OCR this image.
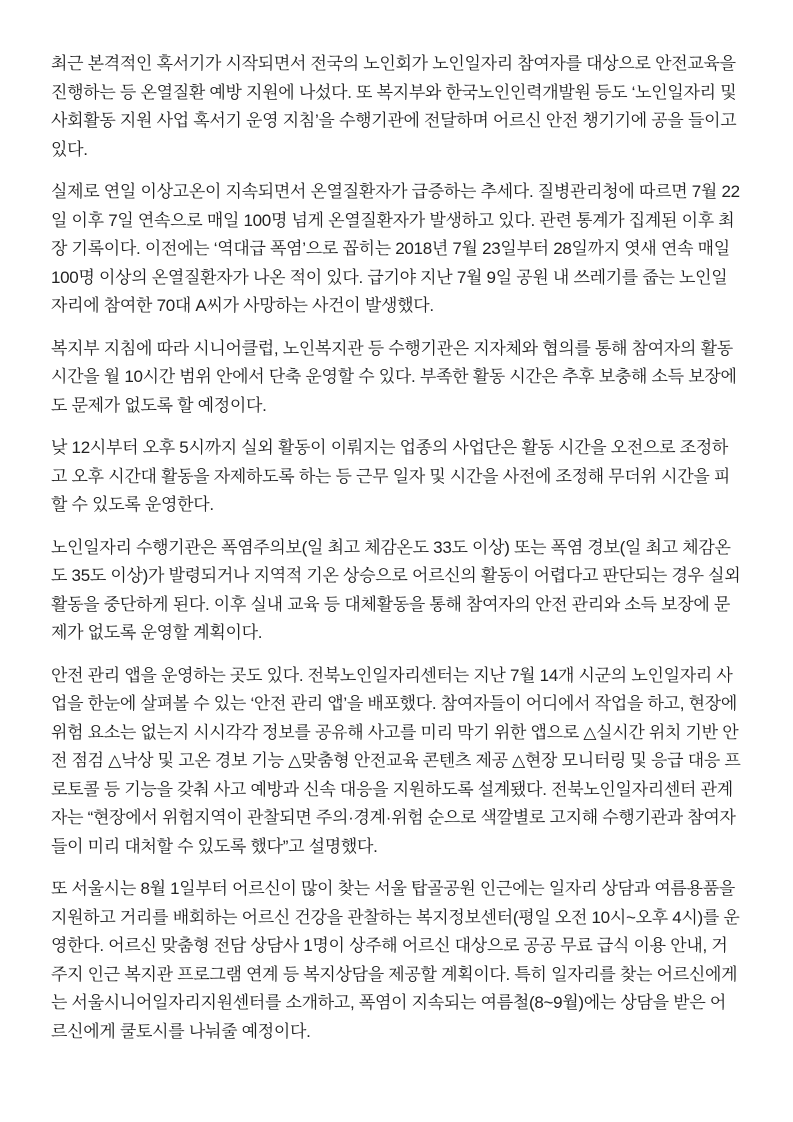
최근 본격적인 혹서기가 시작되면서 전국의 노인회가 노인일자리 참여자를 대상으로 안전교육을 진행하는 등 온열질환 예방 지원에 나섰다. 또 복지부와 한국노인인력개발원 등도 ‘노인일자리 및 사회활동 지원 사업 혹서기 운영 지침’을 수행기관에 전달하며 어르신 안전 챙기기에 공을 들이고 있다.

실제로 연일 이상고온이 지속되면서 온열질환자가 급증하는 추세다. 질병관리청에 따르면 7월 22일 이후 7일 연속으로 매일 100명 넘게 온열질환자가 발생하고 있다. 관련 통계가 집계된 이후 최장 기록이다. 이전에는 ‘역대급 폭염’으로 꼽히는 2018년 7월 23일부터 28일까지 엿새 연속 매일 100명 이상의 온열질환자가 나온 적이 있다. 급기야 지난 7월 9일 공원 내 쓰레기를 줍는 노인일자리에 참여한 70대 A씨가 사망하는 사건이 발생했다.

복지부 지침에 따라 시니어클럽, 노인복지관 등 수행기관은 지자체와 협의를 통해 참여자의 활동 시간을 월 10시간 범위 안에서 단축 운영할 수 있다. 부족한 활동 시간은 추후 보충해 소득 보장에도 문제가 없도록 할 예정이다.

낮 12시부터 오후 5시까지 실외 활동이 이뤄지는 업종의 사업단은 활동 시간을 오전으로 조정하고 오후 시간대 활동을 자제하도록 하는 등 근무 일자 및 시간을 사전에 조정해 무더위 시간을 피할 수 있도록 운영한다.

노인일자리 수행기관은 폭염주의보(일 최고 체감온도 33도 이상) 또는 폭염 경보(일 최고 체감온도 35도 이상)가 발령되거나 지역적 기온 상승으로 어르신의 활동이 어렵다고 판단되는 경우 실외활동을 중단하게 된다. 이후 실내 교육 등 대체활동을 통해 참여자의 안전 관리와 소득 보장에 문제가 없도록 운영할 계획이다.

안전 관리 앱을 운영하는 곳도 있다. 전북노인일자리센터는 지난 7월 14개 시군의 노인일자리 사업을 한눈에 살펴볼 수 있는 ‘안전 관리 앱’을 배포했다. 참여자들이 어디에서 작업을 하고, 현장에 위험 요소는 없는지 시시각각 정보를 공유해 사고를 미리 막기 위한 앱으로 △실시간 위치 기반 안전 점검 △낙상 및 고온 경보 기능 △맞춤형 안전교육 콘텐츠 제공 △현장 모니터링 및 응급 대응 프로토콜 등 기능을 갖춰 사고 예방과 신속 대응을 지원하도록 설계됐다. 전북노인일자리센터 관계자는 “현장에서 위험지역이 관찰되면 주의·경계·위험 순으로 색깔별로 고지해 수행기관과 참여자들이 미리 대처할 수 있도록 했다”고 설명했다.

또 서울시는 8월 1일부터 어르신이 많이 찾는 서울 탑골공원 인근에는 일자리 상담과 여름용품을 지원하고 거리를 배회하는 어르신 건강을 관찰하는 복지정보센터(평일 오전 10시~오후 4시)를 운영한다. 어르신 맞춤형 전담 상담사 1명이 상주해 어르신 대상으로 공공 무료 급식 이용 안내, 거주지 인근 복지관 프로그램 연계 등 복지상담을 제공할 계획이다. 특히 일자리를 찾는 어르신에게는 서울시니어일자리지원센터를 소개하고, 폭염이 지속되는 여름철(8~9월)에는 상담을 받은 어르신에게 쿨토시를 나눠줄 예정이다.
